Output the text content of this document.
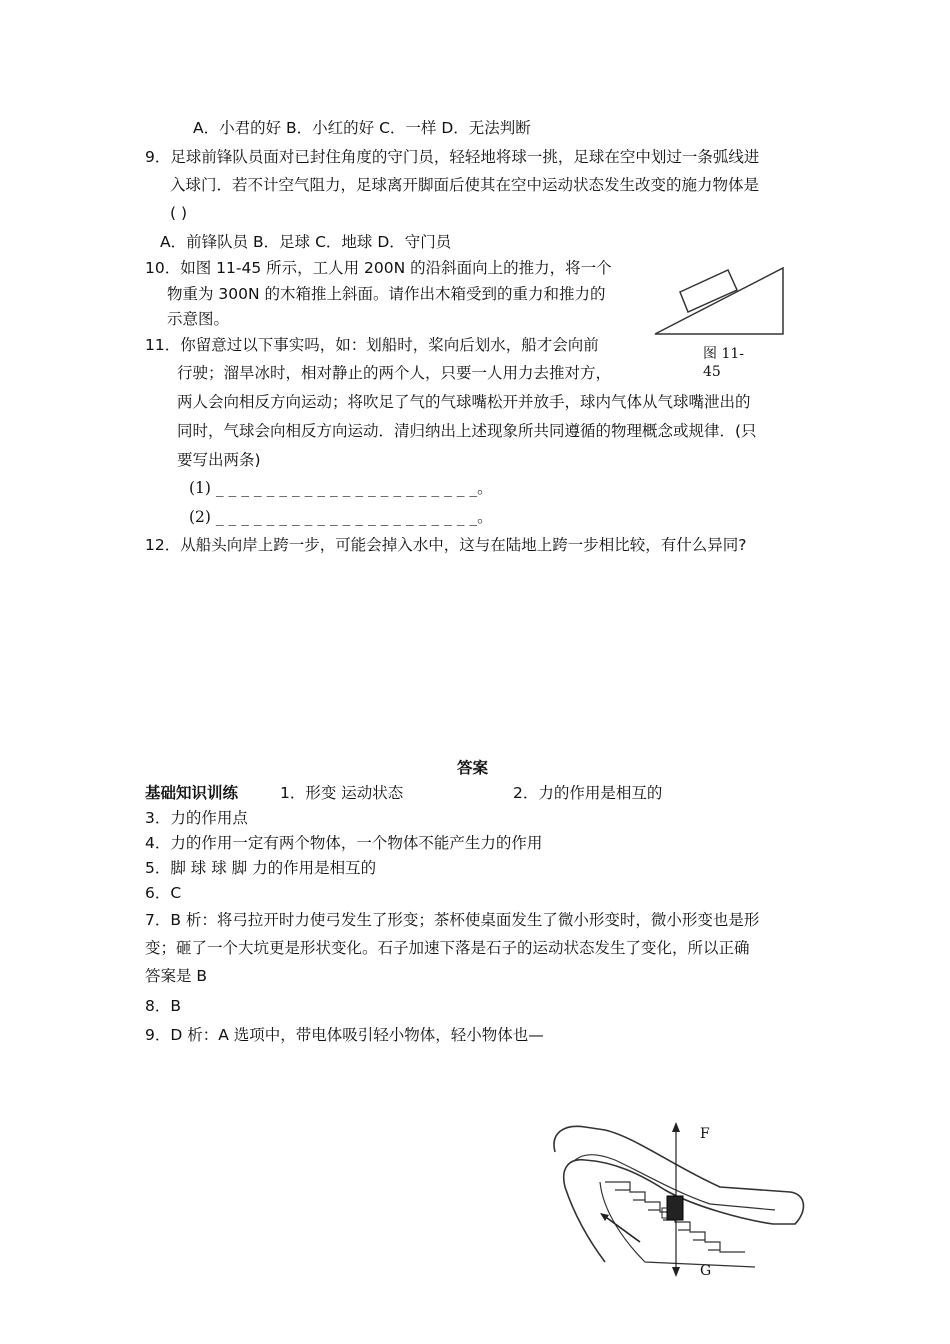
A．小君的好 B．小红的好 C．一样 D．无法判断
9．足球前锋队员面对已封住角度的守门员，轻轻地将球一挑，足球在空中划过一条弧线进
入球门．若不计空气阻力，足球离开脚面后使其在空中运动状态发生改变的施力物体是
( )
A．前锋队员 B．足球 C．地球 D．守门员
10．如图 11-45 所示，工人用 200N 的沿斜面向上的推力，将一个
物重为 300N 的木箱推上斜面。请作出木箱受到的重力和推力的
示意图。
图 11-
45
11．你留意过以下事实吗，如：划船时，桨向后划水，船才会向前
行驶；溜旱冰时，相对静止的两个人，只要一人用力去推对方，
两人会向相反方向运动；将吹足了气的气球嘴松开并放手，球内气体从气球嘴泄出的
同时，气球会向相反方向运动．清归纳出上述现象所共同遵循的物理概念或规律．(只
要写出两条)
(1) _ _ _ _ _ _ _ _ _ _ _ _ _ _ _ _ _ _ _ _ _。
(2) _ _ _ _ _ _ _ _ _ _ _ _ _ _ _ _ _ _ _ _ _。
12．从船头向岸上跨一步，可能会掉入水中，这与在陆地上跨一步相比较，有什么异同?
答案
基础知识训练	1．形变 运动状态	2．力的作用是相互的
3．力的作用点
4．力的作用一定有两个物体，一个物体不能产生力的作用
5．脚 球 球 脚 力的作用是相互的
6．C
7．B 析：将弓拉开时力使弓发生了形变；茶杯使桌面发生了微小形变时，微小形变也是形
变；砸了一个大坑更是形状变化。石子加速下落是石子的运动状态发生了变化，所以正确
答案是 B
8．B
9．D 析：A 选项中，带电体吸引轻小物体，轻小物体也—
F
G
